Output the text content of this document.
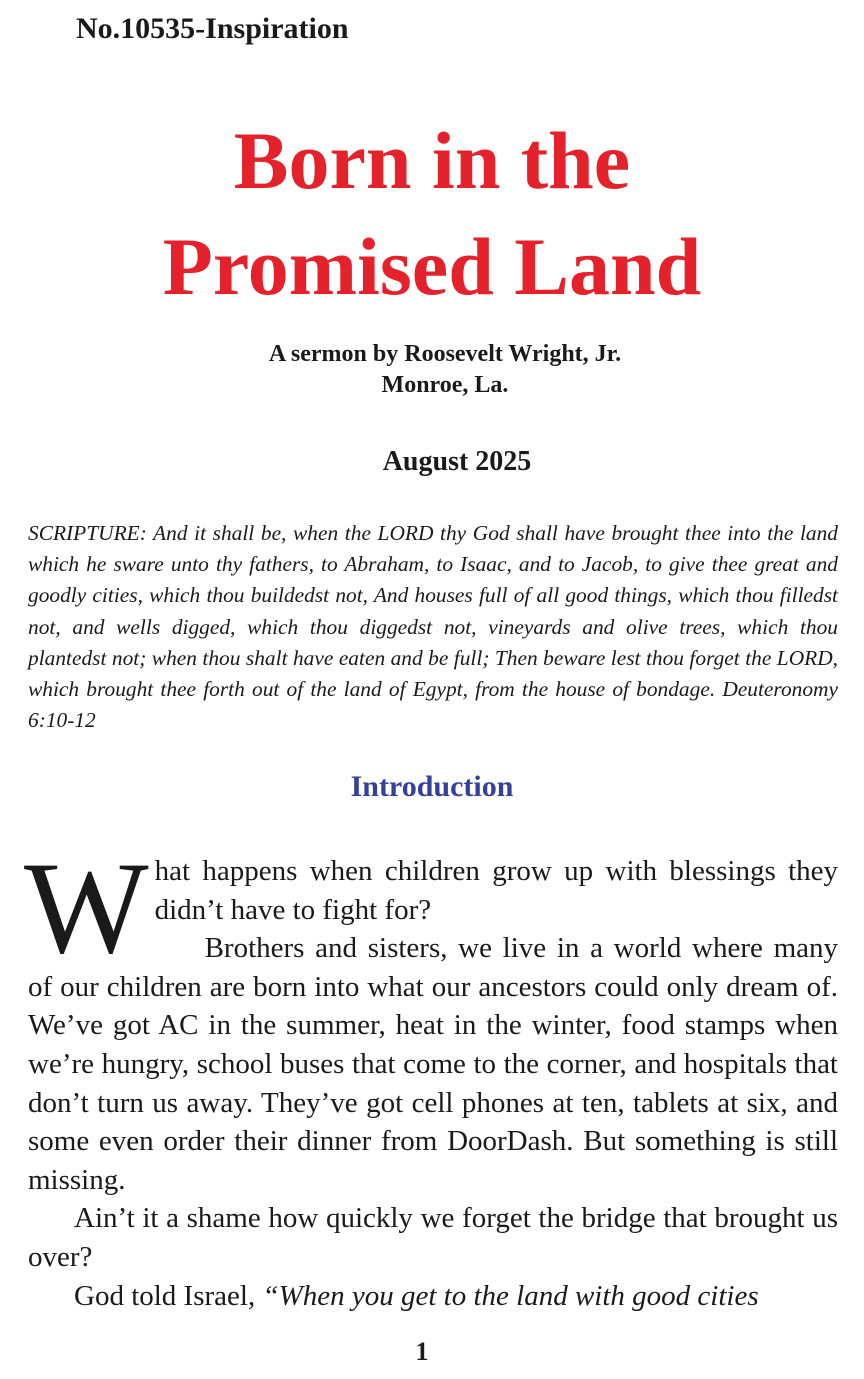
No.10535-Inspiration
Born in the
Promised Land
A sermon by Roosevelt Wright, Jr.
Monroe, La.
August 2025

SCRIPTURE: And it shall be, when the LORD thy God shall have brought thee into the land which he sware unto thy fathers, to Abraham, to Isaac, and to Jacob, to give thee great and goodly cities, which thou buildedst not, And houses full of all good things, which thou filledst not, and wells digged, which thou diggedst not, vineyards and olive trees, which thou plantedst not; when thou shalt have eaten and be full; Then beware lest thou forget the LORD, which brought thee forth out of the land of Egypt, from the house of bondage. Deuteronomy 6:10-12

Introduction

What happens when children grow up with blessings they didn’t have to fight for?

Brothers and sisters, we live in a world where many of our children are born into what our ancestors could only dream of. We’ve got AC in the summer, heat in the winter, food stamps when we’re hungry, school buses that come to the corner, and hospitals that don’t turn us away. They’ve got cell phones at ten, tablets at six, and some even order their dinner from DoorDash. But something is still missing.

Ain’t it a shame how quickly we forget the bridge that brought us over?

God told Israel, “When you get to the land with good cities

1
